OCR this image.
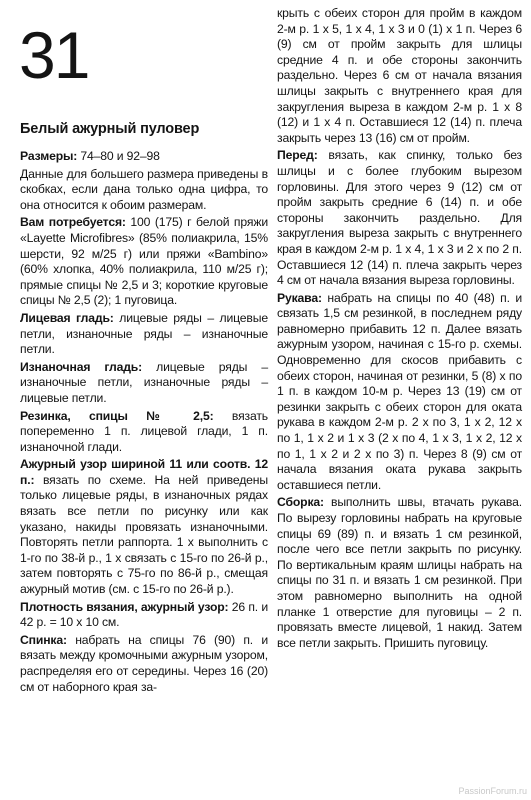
31
Белый ажурный пуловер

Размеры: 74–80 и 92–98

Данные для большего размера приведены в скобках, если дана только одна цифра, то она относится к обоим размерам.

Вам потребуется: 100 (175) г белой пряжи «Layette Microfibres» (85% полиакрила, 15% шерсти, 92 м/25 г) или пряжи «Bambino» (60% хлопка, 40% полиакрила, 110 м/25 г); прямые спицы № 2,5 и 3; короткие круговые спицы № 2,5 (2); 1 пуговица.

Лицевая гладь: лицевые ряды – лицевые петли, изнаночные ряды – изнаночные петли.

Изнаночная гладь: лицевые ряды – изнаночные петли, изнаночные ряды – лицевые петли.

Резинка, спицы № 2,5: вязать попеременно 1 п. лицевой глади, 1 п. изнаночной глади.

Ажурный узор шириной 11 или соотв. 12 п.: вязать по схеме. На ней приведены только лицевые ряды, в изнаночных рядах вязать все петли по рисунку или как указано, накиды провязать изнаночными. Повторять петли раппорта. 1 х выполнить с 1-го по 38-й р., 1 х связать с 15-го по 26-й р., затем повторять с 75-го по 86-й р., смещая ажурный мотив (см. с 15-го по 26-й р.).

Плотность вязания, ажурный узор: 26 п. и 42 р. = 10 х 10 см.

Спинка: набрать на спицы 76 (90) п. и вязать между кромочными ажурным узором, распределяя его от середины. Через 16 (20) см от наборного края за-

крыть с обеих сторон для пройм в каждом 2-м р. 1 х 5, 1 х 4, 1 х 3 и 0 (1) х 1 п. Через 6 (9) см от пройм закрыть для шлицы средние 4 п. и обе стороны закончить раздельно. Через 6 см от начала вязания шлицы закрыть с внутреннего края для закругления выреза в каждом 2-м р. 1 х 8 (12) и 1 х 4 п. Оставшиеся 12 (14) п. плеча закрыть через 13 (16) см от пройм.

Перед: вязать, как спинку, только без шлицы и с более глубоким вырезом горловины. Для этого через 9 (12) см от пройм закрыть средние 6 (14) п. и обе стороны закончить раздельно. Для закругления выреза закрыть с внутреннего края в каждом 2-м р. 1 х 4, 1 х 3 и 2 х по 2 п. Оставшиеся 12 (14) п. плеча закрыть через 4 см от начала вязания выреза горловины.

Рукава: набрать на спицы по 40 (48) п. и связать 1,5 см резинкой, в последнем ряду равномерно прибавить 12 п. Далее вязать ажурным узором, начиная с 15-го р. схемы. Одновременно для скосов прибавить с обеих сторон, начиная от резинки, 5 (8) х по 1 п. в каждом 10-м р. Через 13 (19) см от резинки закрыть с обеих сторон для оката рукава в каждом 2-м р. 2 х по 3, 1 х 2, 12 х по 1, 1 х 2 и 1 х 3 (2 х по 4, 1 х 3, 1 х 2, 12 х по 1, 1 х 2 и 2 х по 3) п. Через 8 (9) см от начала вязания оката рукава закрыть оставшиеся петли.

Сборка: выполнить швы, втачать рукава. По вырезу горловины набрать на круговые спицы 69 (89) п. и вязать 1 см резинкой, после чего все петли закрыть по рисунку. По вертикальным краям шлицы набрать на спицы по 31 п. и вязать 1 см резинкой. При этом равномерно выполнить на одной планке 1 отверстие для пуговицы – 2 п. провязать вместе лицевой, 1 накид. Затем все петли закрыть. Пришить пуговицу.

PassionForum.ru
